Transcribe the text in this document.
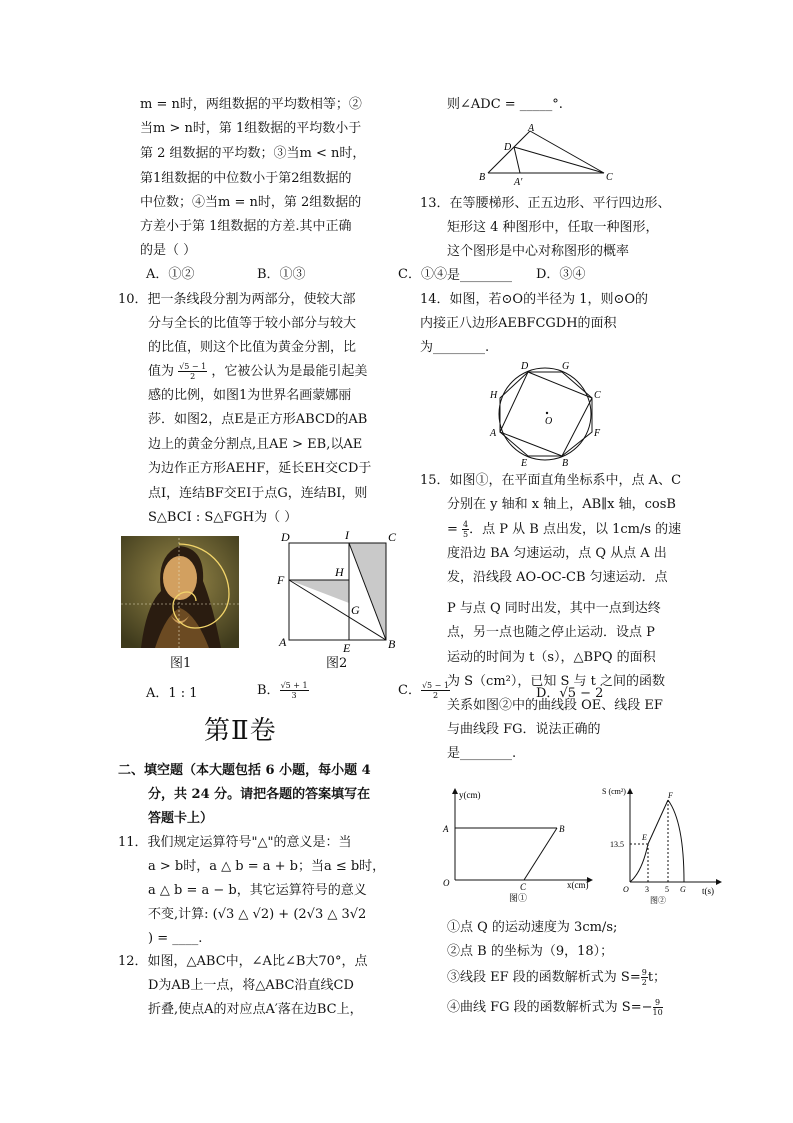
m = n时，两组数据的平均数相等；②
当m > n时，第 1组数据的平均数小于
第 2 组数据的平均数；③当m < n时，
第1组数据的中位数小于第2组数据的
中位数；④当m = n时，第 2组数据的
方差小于第 1组数据的方差.其中正确
的是（ ）
A．①②	B．①③	C．①④	D．③④
10．把一条线段分割为两部分，使较大部
分与全长的比值等于较小部分与较大
的比值，则这个比值为黄金分割，比
值为 $\frac{√5 - 1}{2}$ ，它被公认为是最能引起美
感的比例，如图1为世界名画蒙娜丽
莎．如图2，点E是正方形ABCD的AB
边上的黄金分割点,且AE > EB,以AE
为边作正方形AEHF，延长EH交CD于
点I，连结BF交EI于点G，连结BI，则
S△BCI : S△FGH为（ ）
图1
D	I	C
F
H
G
A	E	B
图2
A．1 : 1	B． $\frac{√5 + 1}{3}$	C． $\frac{√5 - 1}{2}$	D．√5 − 2
第Ⅱ卷
二、填空题（本大题包括 6 小题，每小题 4
分，共 24 分。请把各题的答案填写在
答题卡上）
11．我们规定运算符号"△"的意义是：当
a > b时，a △ b = a + b；当a ≤ b时，
a △ b = a − b，其它运算符号的意义
不变,计算: (√3 △ √2) + (2√3 △ 3√2
) = ____.
12．如图，△ABC中，∠A比∠B大70°，点
D为AB上一点，将△ABC沿直线CD
折叠,使点A的对应点A′落在边BC上，
则∠ADC = _____°.
A
D
B	A′	C
13．在等腰梯形、正五边形、平行四边形、
矩形这 4 种图形中，任取一种图形，
这个图形是中心对称图形的概率
是________
14．如图，若⊙O的半径为 1，则⊙O的
内接正八边形AEBFCGDH的面积
为________.
D	G
H	C
O
A	F
E	B
15．如图①，在平面直角坐标系中，点 A、C
分别在 y 轴和 x 轴上，AB∥x 轴，cosB
= $\frac{4}{5}$ ．点 P 从 B 点出发，以 1cm/s 的速
度沿边 BA 匀速运动，点 Q 从点 A 出
发，沿线段 AO-OC-CB 匀速运动．点
P 与点 Q 同时出发，其中一点到达终
点，另一点也随之停止运动．设点 P
运动的时间为 t（s），△BPQ 的面积
为 S（cm²），已知 S 与 t 之间的函数
关系如图②中的曲线段 OE、线段 EF
与曲线段 FG．说法正确的
是________.
y(cm)
x(cm)
A	B
O	C
图①
S (cm²)
t(s)
13.5
E
F
O 3 5 G
图②
①点 Q 的运动速度为 3cm/s;
②点 B 的坐标为（9，18）；
③线段 EF 段的函数解析式为 $S= \frac{9}{2}$ t；
④曲线 FG 段的函数解析式为 $S=- \frac{9}{10}$
